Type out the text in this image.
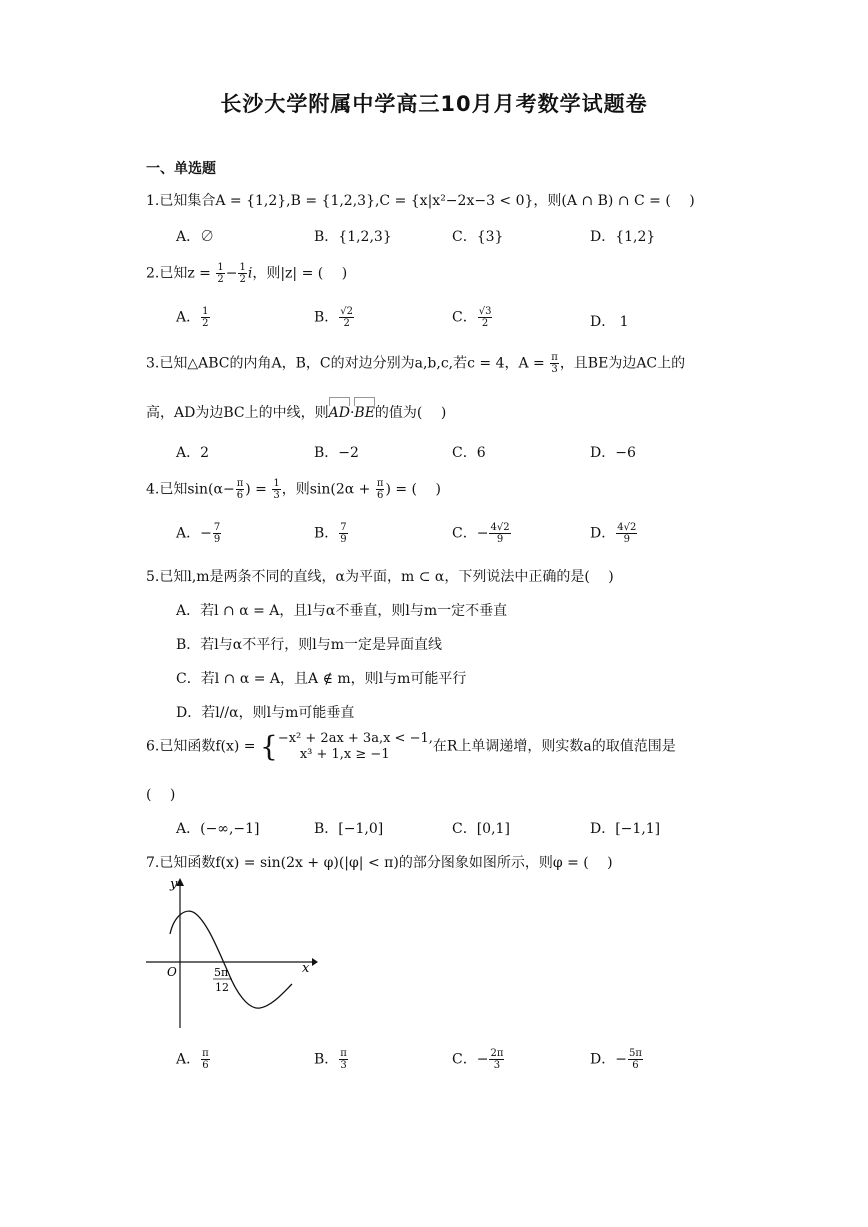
长沙大学附属中学高三10月月考数学试题卷
一、单选题
1.已知集合A = {1,2},B = {1,2,3},C = {x|x²−2x−3 < 0}，则(A ∩ B) ∩ C = (　 )
A．∅	B．{1,2,3}	C．{3}	D．{1,2}
2.已知$z = \frac{1}{2} - \frac{1}{2}$ i，则|z| = (　 )
A． $\frac{1}{2}$	B． $\frac{√2}{2}$	C． $\frac{√3}{2}$	D． 1
3.已知△ABC的内角A，B，C的对边分别为a,b,c,若c = 4，$A = \frac{\pi}{3}$ ，且BE为边AC上的
高，AD为边BC上的中线，则AD·BE的值为(　 )
A．2	B．−2	C．6	D．−6
4.已知$\sin(\alpha- \frac{\pi}{6}$ ) = $\frac{1}{3}$ ，则$\sin(2\alpha + \frac{\pi}{6}$ ) = (　 )
A．− $\frac{7}{9}$	B． $\frac{7}{9}$	C．− $\frac{4√2}{9}$	D． $\frac{4√2}{9}$
5.已知l,m是两条不同的直线，α为平面，m ⊂ α，下列说法中正确的是(　 )
A．若l ∩ α = A，且l与α不垂直，则l与m一定不垂直
B．若l与α不平行，则l与m一定是异面直线
C．若l ∩ α = A，且A ∉ m，则l与m可能平行
D．若l//α，则l与m可能垂直
6.已知函数f(x) = { −x² + 2ax + 3a,x < −1,
x³ + 1,x ≥ −1	在R上单调递增，则实数a的取值范围是
(　 )
A．(−∞,−1]	B．[−1,0]	C．[0,1]	D．[−1,1]
7.已知函数f(x) = sin(2x + φ)(|φ| < π)的部分图象如图所示，则φ = (　 )
y
x
O	5π
12
A． $\frac{\pi}{6}$	B． $\frac{\pi}{3}$	C．− $\frac{2\pi}{3}$	D．− $\frac{5\pi}{6}$
